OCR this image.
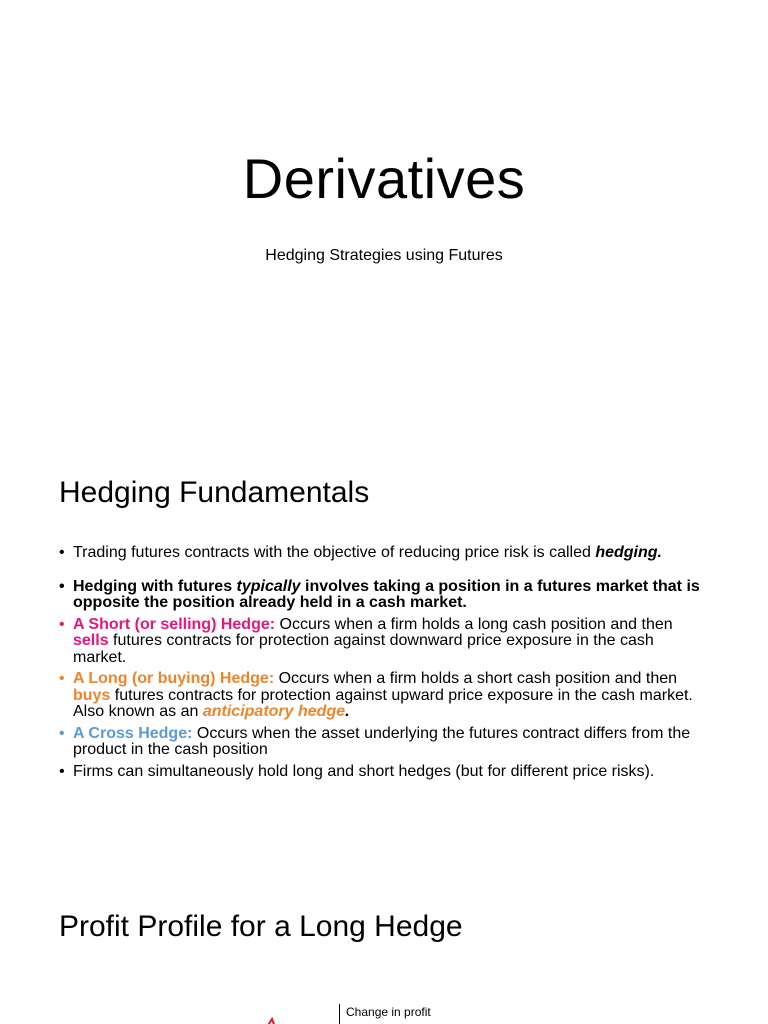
Derivatives
Hedging Strategies using Futures
Hedging Fundamentals
• Trading futures contracts with the objective of reducing price risk is called hedging.
• Hedging with futures typically involves taking a position in a futures market that is opposite the position already held in a cash market.
• A Short (or selling) Hedge: Occurs when a firm holds a long cash position and then sells futures contracts for protection against downward price exposure in the cash market.
• A Long (or buying) Hedge: Occurs when a firm holds a short cash position and then buys futures contracts for protection against upward price exposure in the cash market. Also known as an anticipatory hedge.
• A Cross Hedge: Occurs when the asset underlying the futures contract differs from the product in the cash position
• Firms can simultaneously hold long and short hedges (but for different price risks).
Profit Profile for a Long Hedge
Change in profit
